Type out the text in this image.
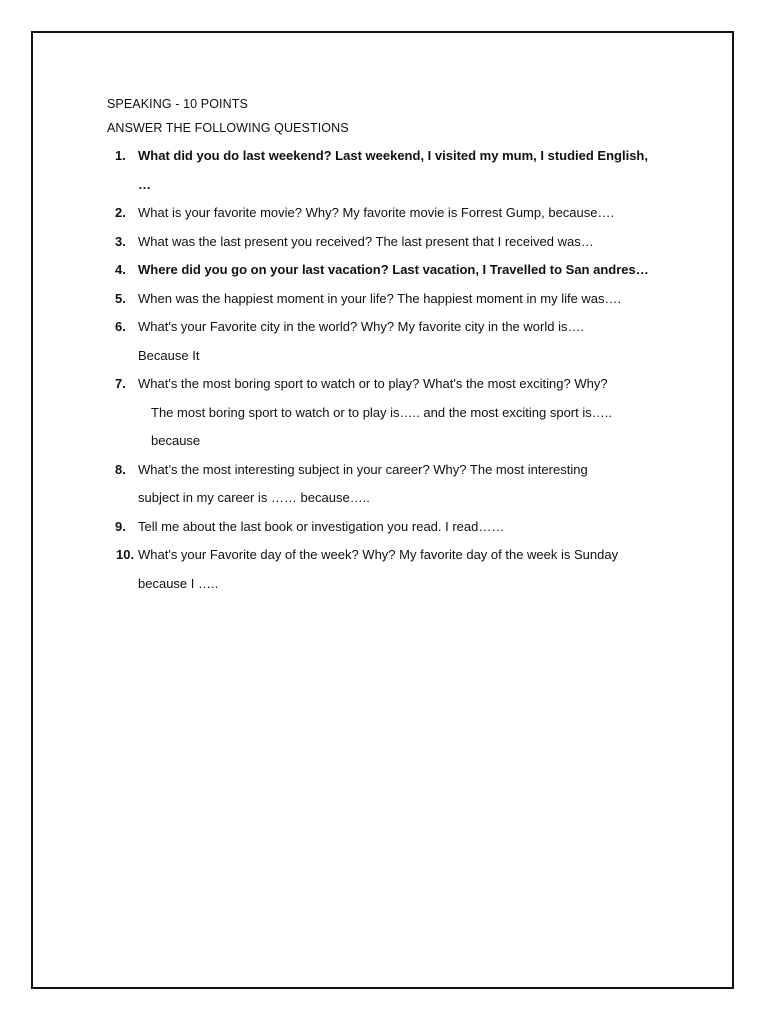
SPEAKING - 10 POINTS
ANSWER THE FOLLOWING QUESTIONS
1. What did you do last weekend? Last weekend, I visited my mum, I studied English,
…
2. What is your favorite movie? Why? My favorite movie is Forrest Gump, because….
3. What was the last present you received? The last present that I received was…
4. Where did you go on your last vacation? Last vacation, I Travelled to San andres…
5. When was the happiest moment in your life? The happiest moment in my life was….
6. What's your Favorite city in the world? Why? My favorite city in the world is….
Because It
7. What's the most boring sport to watch or to play? What's the most exciting? Why?
The most boring sport to watch or to play is….. and the most exciting sport is…..
because
8. What’s the most interesting subject in your career? Why? The most interesting
subject in my career is …… because…..
9. Tell me about the last book or investigation you read. I read……
10. What's your Favorite day of the week? Why? My favorite day of the week is Sunday
because I …..
